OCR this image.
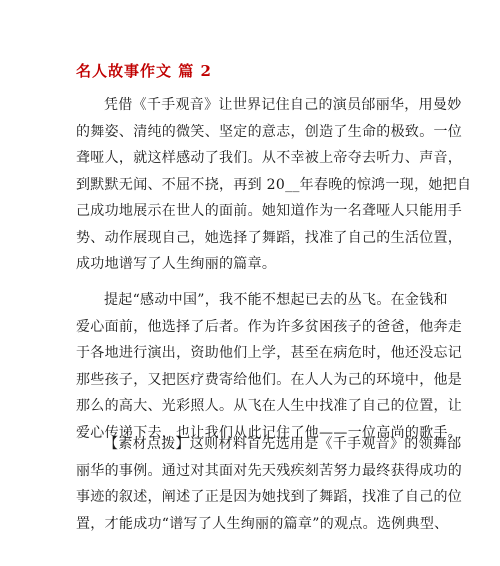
名人故事作文 篇 2
凭借《千手观音》让世界记住自己的演员邰丽华，用曼妙
的舞姿、清纯的微笑、坚定的意志，创造了生命的极致。一位
聋哑人，就这样感动了我们。从不幸被上帝夺去听力、声音，
到默默无闻、不屈不挠，再到 20__年春晚的惊鸿一现，她把自
己成功地展示在世人的面前。她知道作为一名聋哑人只能用手
势、动作展现自己，她选择了舞蹈，找准了自己的生活位置，
成功地谱写了人生绚丽的篇章。
提起“感动中国”，我不能不想起已去的丛飞。在金钱和
爱心面前，他选择了后者。作为许多贫困孩子的爸爸，他奔走
于各地进行演出，资助他们上学，甚至在病危时，他还没忘记
那些孩子，又把医疗费寄给他们。在人人为己的环境中，他是
那么的高大、光彩照人。从飞在人生中找准了自己的位置，让
爱心传递下去，也让我们从此记住了他——一位高尚的歌手。
【素材点拨】这则材料首先选用是《千手观音》的领舞邰
丽华的事例。通过对其面对先天残疾刻苦努力最终获得成功的
事迹的叙述，阐述了正是因为她找到了舞蹈，找准了自己的位
置，才能成功“谱写了人生绚丽的篇章”的观点。选例典型、
